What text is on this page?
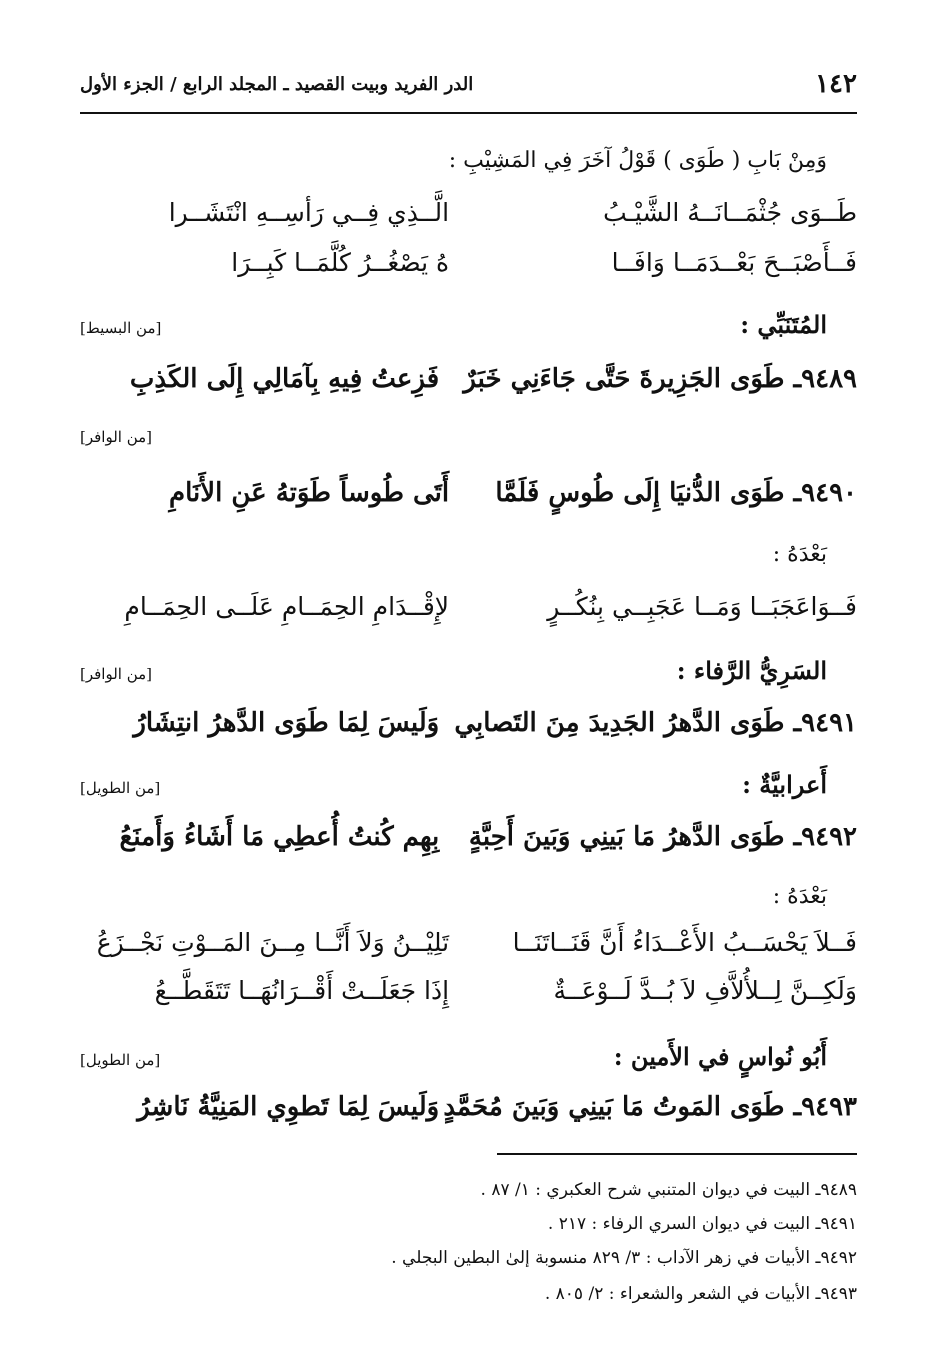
١٤٢
الدر الفريد وبيت القصيد ـ المجلد الرابع / الجزء الأول
وَمِنْ بَابِ ( طَوَى ) قَوْلُ آخَرَ فِي المَشِيْبِ :
طَــوَى جُثْمَــانَــهُ الشَّيْـبُ
الَّــذِي فِــي رَأسِــهِ انْتَشَــرا
فَــأَصْبَــحَ بَعْــدَمَــا وَافَــا
هُ يَصْغُــرُ كُلَّمَــا كَبِــرَا
المُتَنَبِّي :
[من البسيط]
٩٤٨٩ـ طَوَى الجَزِيرةَ حَتَّى جَاءَنِي خَبَرٌ
فَزِعتُ فِيهِ بِآمَالِي إِلَى الكَذِبِ
[من الوافر]
٩٤٩٠ـ طَوَى الدُّنيَا إِلَى طُوسٍ فَلَمَّا
أَتَى طُوساً طَوَتهُ عَنِ الأَنَامِ
بَعْدَهُ :
فَــوَاعَجَبَــا وَمَــا عَجَبِــي بِنُكُــرٍ
لإِقْــدَامِ الحِمَــامِ عَلَــى الحِمَــامِ
السَرِيُّ الرَّفاء :
[من الوافر]
٩٤٩١ـ طَوَى الدَّهرُ الجَدِيدَ مِنَ التَصابِي
وَلَيسَ لِمَا طَوَى الدَّهرُ انتِشَارُ
أَعرابيَّةٌ :
[من الطويل]
٩٤٩٢ـ طَوَى الدَّهرُ مَا بَينِي وَبَينَ أَحِبَّةٍ
بِهِم كُنتُ أُعطِي مَا أَشَاءُ وَأَمنَعُ
بَعْدَهُ :
فَــلاَ يَحْسَــبُ الأَعْــدَاءُ أَنَّ قَنَــاتَنَــا
تَلِيْــنُ وَلاَ أَنَّــا مِــنَ المَــوْتِ نَجْــزَعُ
وَلَكِــنَّ لِــلأُلاَّفِ لاَ بُــدَّ لَــوْعَــةٌ
إِذَا جَعَلَــتْ أَقْــرَانُهَــا تَتَقَطَّــعُ
أَبُو نُواسٍ في الأَمين :
[من الطويل]
٩٤٩٣ـ طَوَى المَوتُ مَا بَينِي وَبَينَ مُحَمَّدٍ
وَلَيسَ لِمَا تَطوِي المَنِيَّةُ نَاشِرُ
٩٤٨٩ـ البيت في ديوان المتنبي شرح العكبري : ١/ ٨٧ .
٩٤٩١ـ البيت في ديوان السري الرفاء : ٢١٧ .
٩٤٩٢ـ الأبيات في زهر الآداب : ٣/ ٨٢٩ منسوبة إلىٰ البطين البجلي .
٩٤٩٣ـ الأبيات في الشعر والشعراء : ٢/ ٨٠٥ .
